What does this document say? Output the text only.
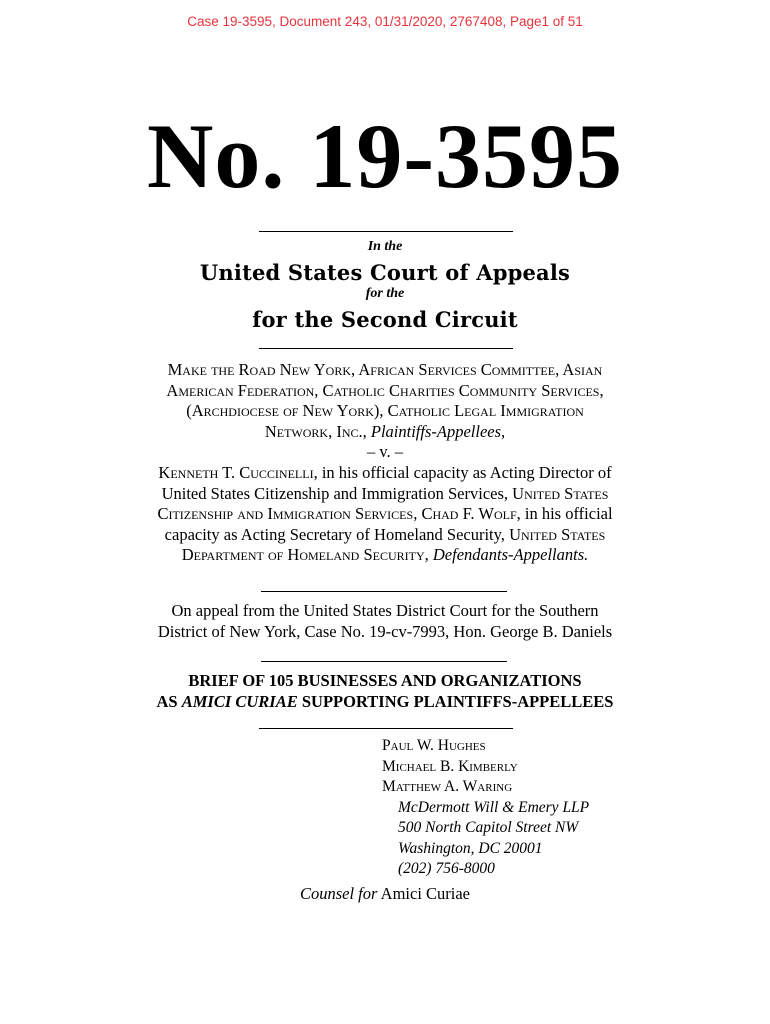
Case 19-3595, Document 243, 01/31/2020, 2767408, Page1 of 51
No. 19-3595
In the
United States Court of Appeals
for the
for the Second Circuit

Make the Road New York, African Services Committee, Asian

American Federation, Catholic Charities Community Services,

(Archdiocese of New York), Catholic Legal Immigration

Network, Inc., Plaintiffs-Appellees,

– v. –

Kenneth T. Cuccinelli, in his official capacity as Acting Director of

United States Citizenship and Immigration Services, United States

Citizenship and Immigration Services, Chad F. Wolf, in his official

capacity as Acting Secretary of Homeland Security, United States

Department of Homeland Security, Defendants-Appellants.

On appeal from the United States District Court for the Southern

District of New York, Case No. 19-cv-7993, Hon. George B. Daniels

BRIEF OF 105 BUSINESSES AND ORGANIZATIONS

AS AMICI CURIAE SUPPORTING PLAINTIFFS-APPELLEES

Paul W. Hughes

Michael B. Kimberly

Matthew A. Waring

McDermott Will & Emery LLP

500 North Capitol Street NW

Washington, DC 20001

(202) 756-8000

Counsel for Amici Curiae
